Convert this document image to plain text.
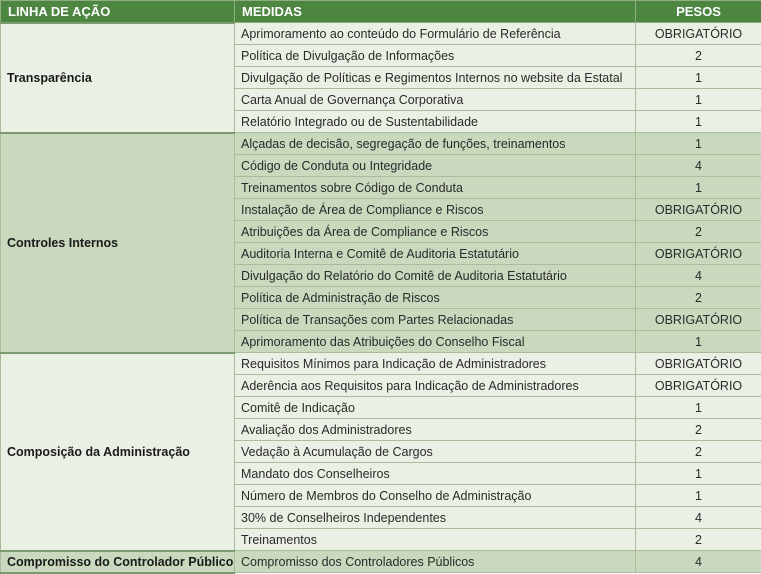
LINHA DE AÇÃO	MEDIDAS	PESOS
Transparência	Aprimoramento ao conteúdo do Formulário de Referência	OBRIGATÓRIO
	Política de Divulgação de Informações	2
	Divulgação de Políticas e Regimentos Internos no website da Estatal	1
	Carta Anual de Governança Corporativa	1
	Relatório Integrado ou de Sustentabilidade	1
Controles Internos	Alçadas de decisão, segregação de funções, treinamentos	1
	Código de Conduta ou Integridade	4
	Treinamentos sobre Código de Conduta	1
	Instalação de Área de Compliance e Riscos	OBRIGATÓRIO
	Atribuições da Área de Compliance e Riscos	2
	Auditoria Interna e Comitê de Auditoria Estatutário	OBRIGATÓRIO
	Divulgação do Relatório do Comitê de Auditoria Estatutário	4
	Política de Administração de Riscos	2
	Política de Transações com Partes Relacionadas	OBRIGATÓRIO
	Aprimoramento das Atribuições do Conselho Fiscal	1
Composição da Administração	Requisitos Mínimos para Indicação de Administradores	OBRIGATÓRIO
	Aderência aos Requisitos para Indicação de Administradores	OBRIGATÓRIO
	Comitê de Indicação	1
	Avaliação dos Administradores	2
	Vedação à Acumulação de Cargos	2
	Mandato dos Conselheiros	1
	Número de Membros do Conselho de Administração	1
	30% de Conselheiros Independentes	4
	Treinamentos	2
Compromisso do Controlador Público	Compromisso dos Controladores Públicos	4
